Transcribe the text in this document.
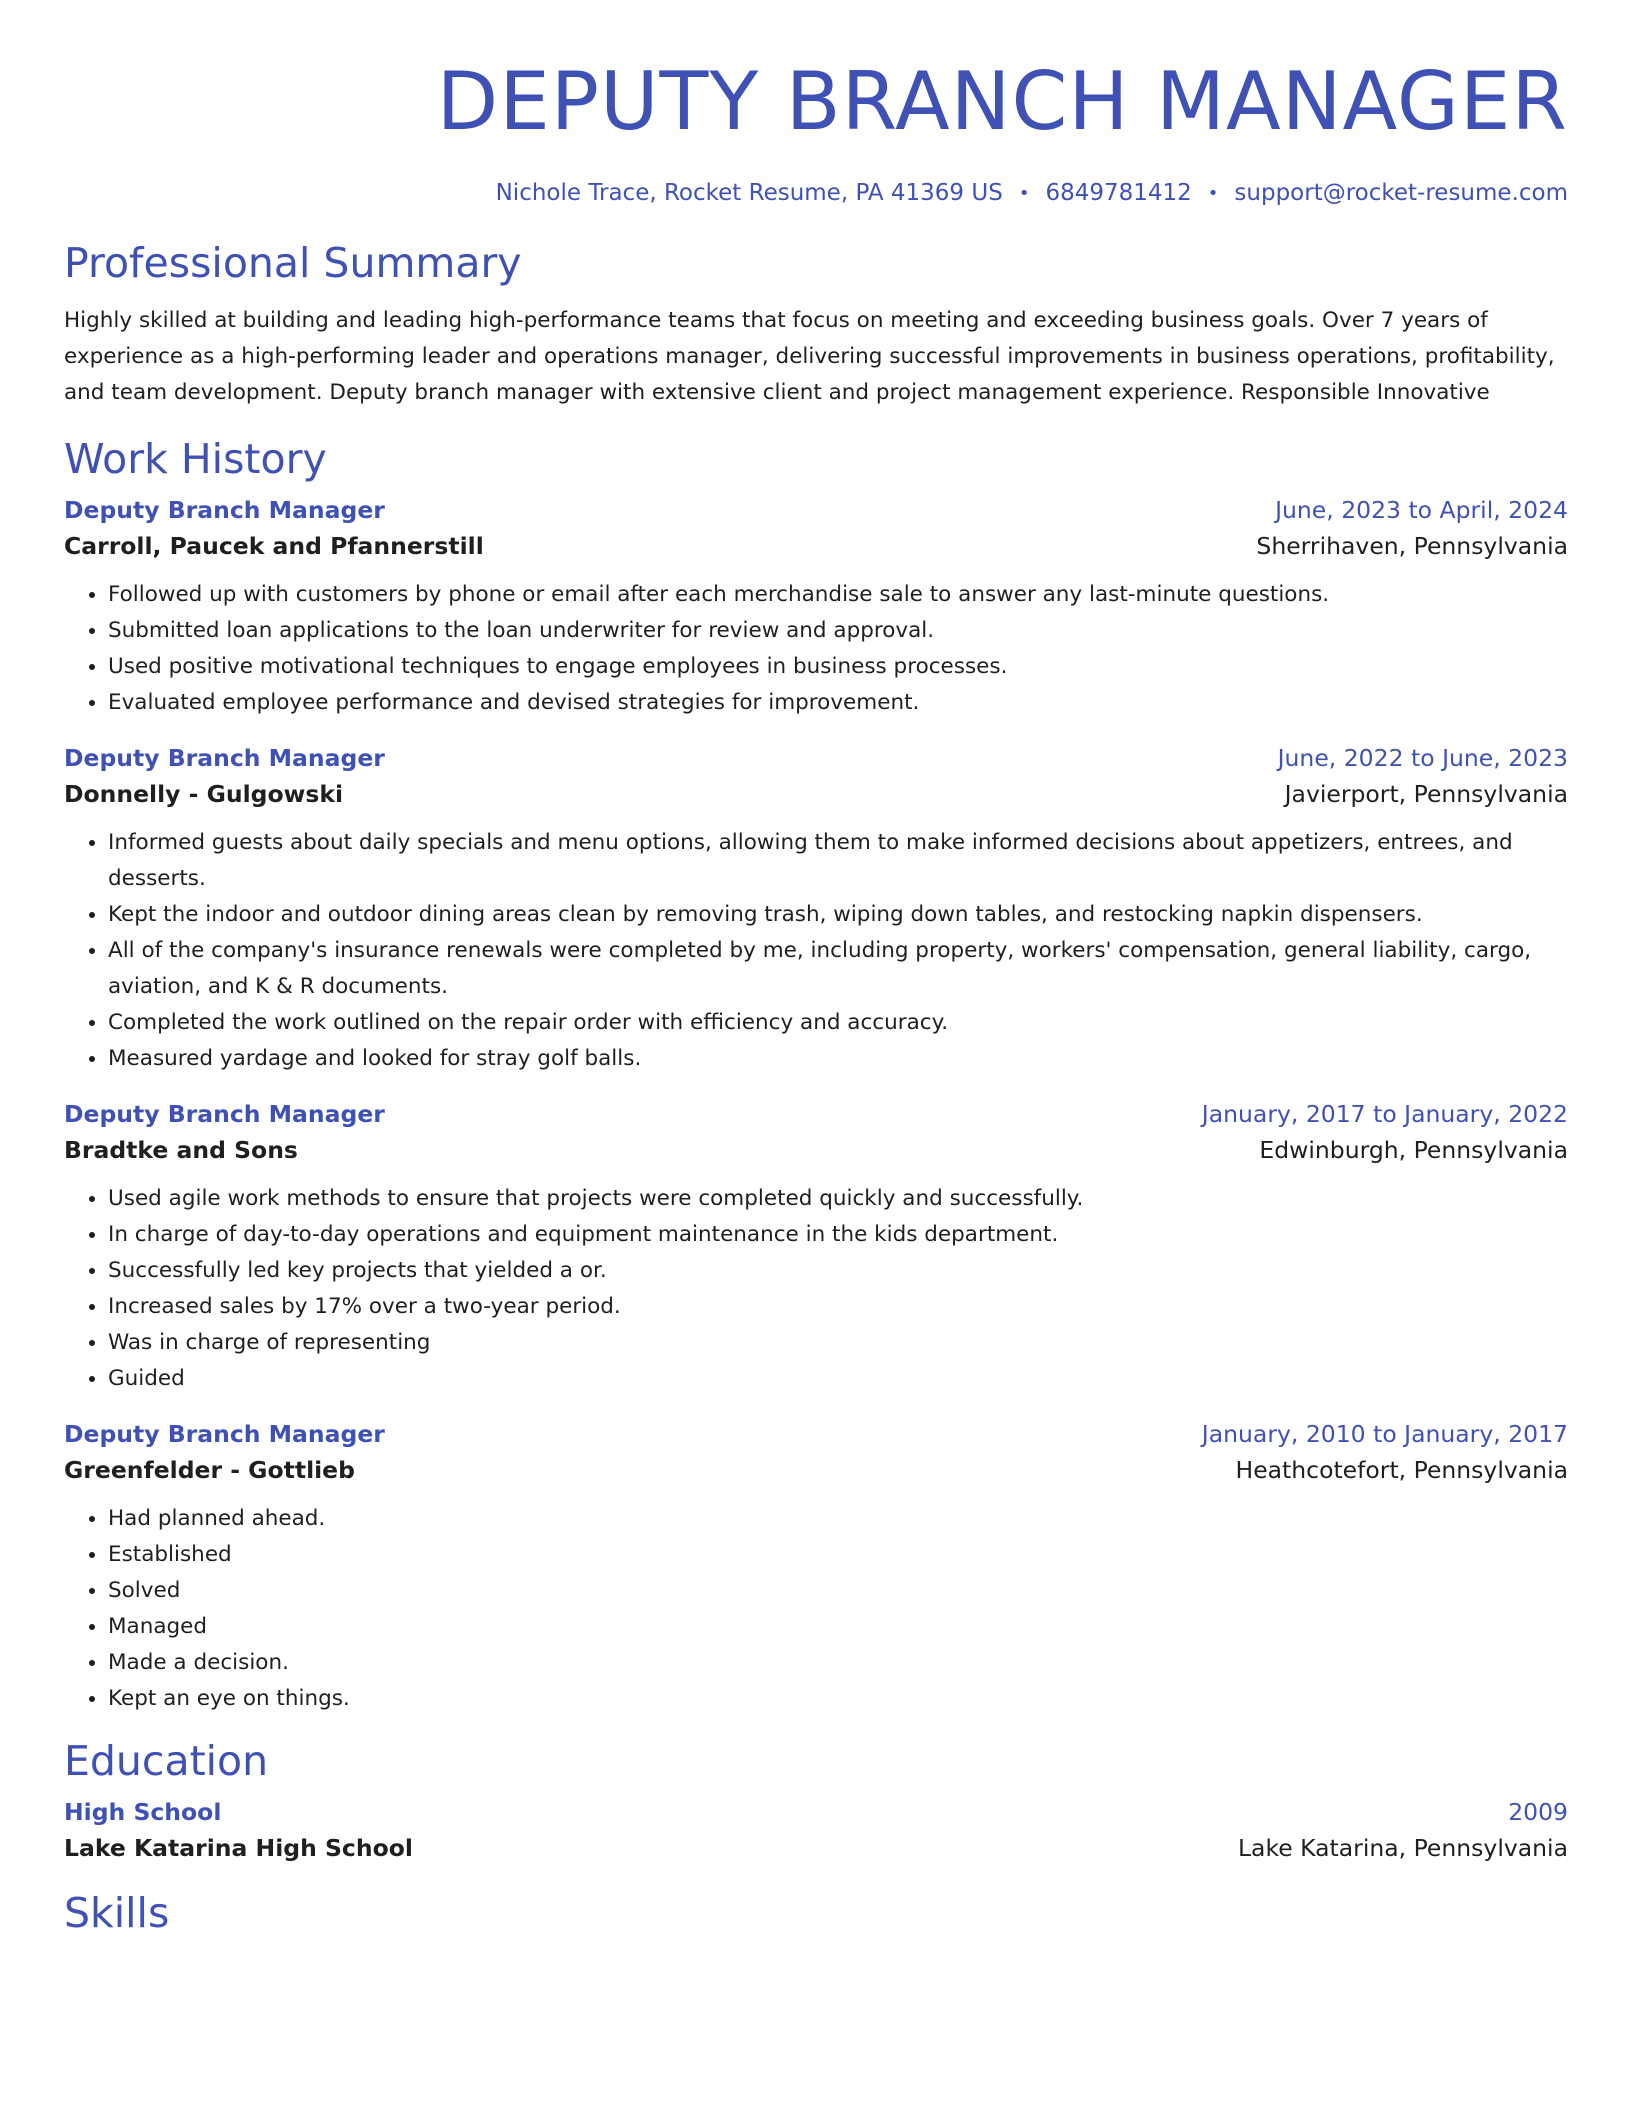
DEPUTY BRANCH MANAGER
Nichole Trace, Rocket Resume, PA 41369 US • 6849781412 • support@rocket-resume.com
Professional Summary

Highly skilled at building and leading high-performance teams that focus on meeting and exceeding business goals. Over 7 years of experience as a high-performing leader and operations manager, delivering successful improvements in business operations, profitability, and team development. Deputy branch manager with extensive client and project management experience. Responsible Innovative

Work History
Deputy Branch Manager	June, 2023 to April, 2024
Carroll, Paucek and Pfannerstill	Sherrihaven, Pennsylvania
• Followed up with customers by phone or email after each merchandise sale to answer any last-minute questions.
• Submitted loan applications to the loan underwriter for review and approval.
• Used positive motivational techniques to engage employees in business processes.
• Evaluated employee performance and devised strategies for improvement.
Deputy Branch Manager	June, 2022 to June, 2023
Donnelly - Gulgowski	Javierport, Pennsylvania
• Informed guests about daily specials and menu options, allowing them to make informed decisions about appetizers, entrees, and desserts.
• Kept the indoor and outdoor dining areas clean by removing trash, wiping down tables, and restocking napkin dispensers.
• All of the company's insurance renewals were completed by me, including property, workers' compensation, general liability, cargo, aviation, and K & R documents.
• Completed the work outlined on the repair order with efficiency and accuracy.
• Measured yardage and looked for stray golf balls.
Deputy Branch Manager	January, 2017 to January, 2022
Bradtke and Sons	Edwinburgh, Pennsylvania
• Used agile work methods to ensure that projects were completed quickly and successfully.
• In charge of day-to-day operations and equipment maintenance in the kids department.
• Successfully led key projects that yielded a or.
• Increased sales by 17% over a two-year period.
• Was in charge of representing
• Guided
Deputy Branch Manager	January, 2010 to January, 2017
Greenfelder - Gottlieb	Heathcotefort, Pennsylvania
• Had planned ahead.
• Established
• Solved
• Managed
• Made a decision.
• Kept an eye on things.
Education
High School	2009
Lake Katarina High School	Lake Katarina, Pennsylvania
Skills
